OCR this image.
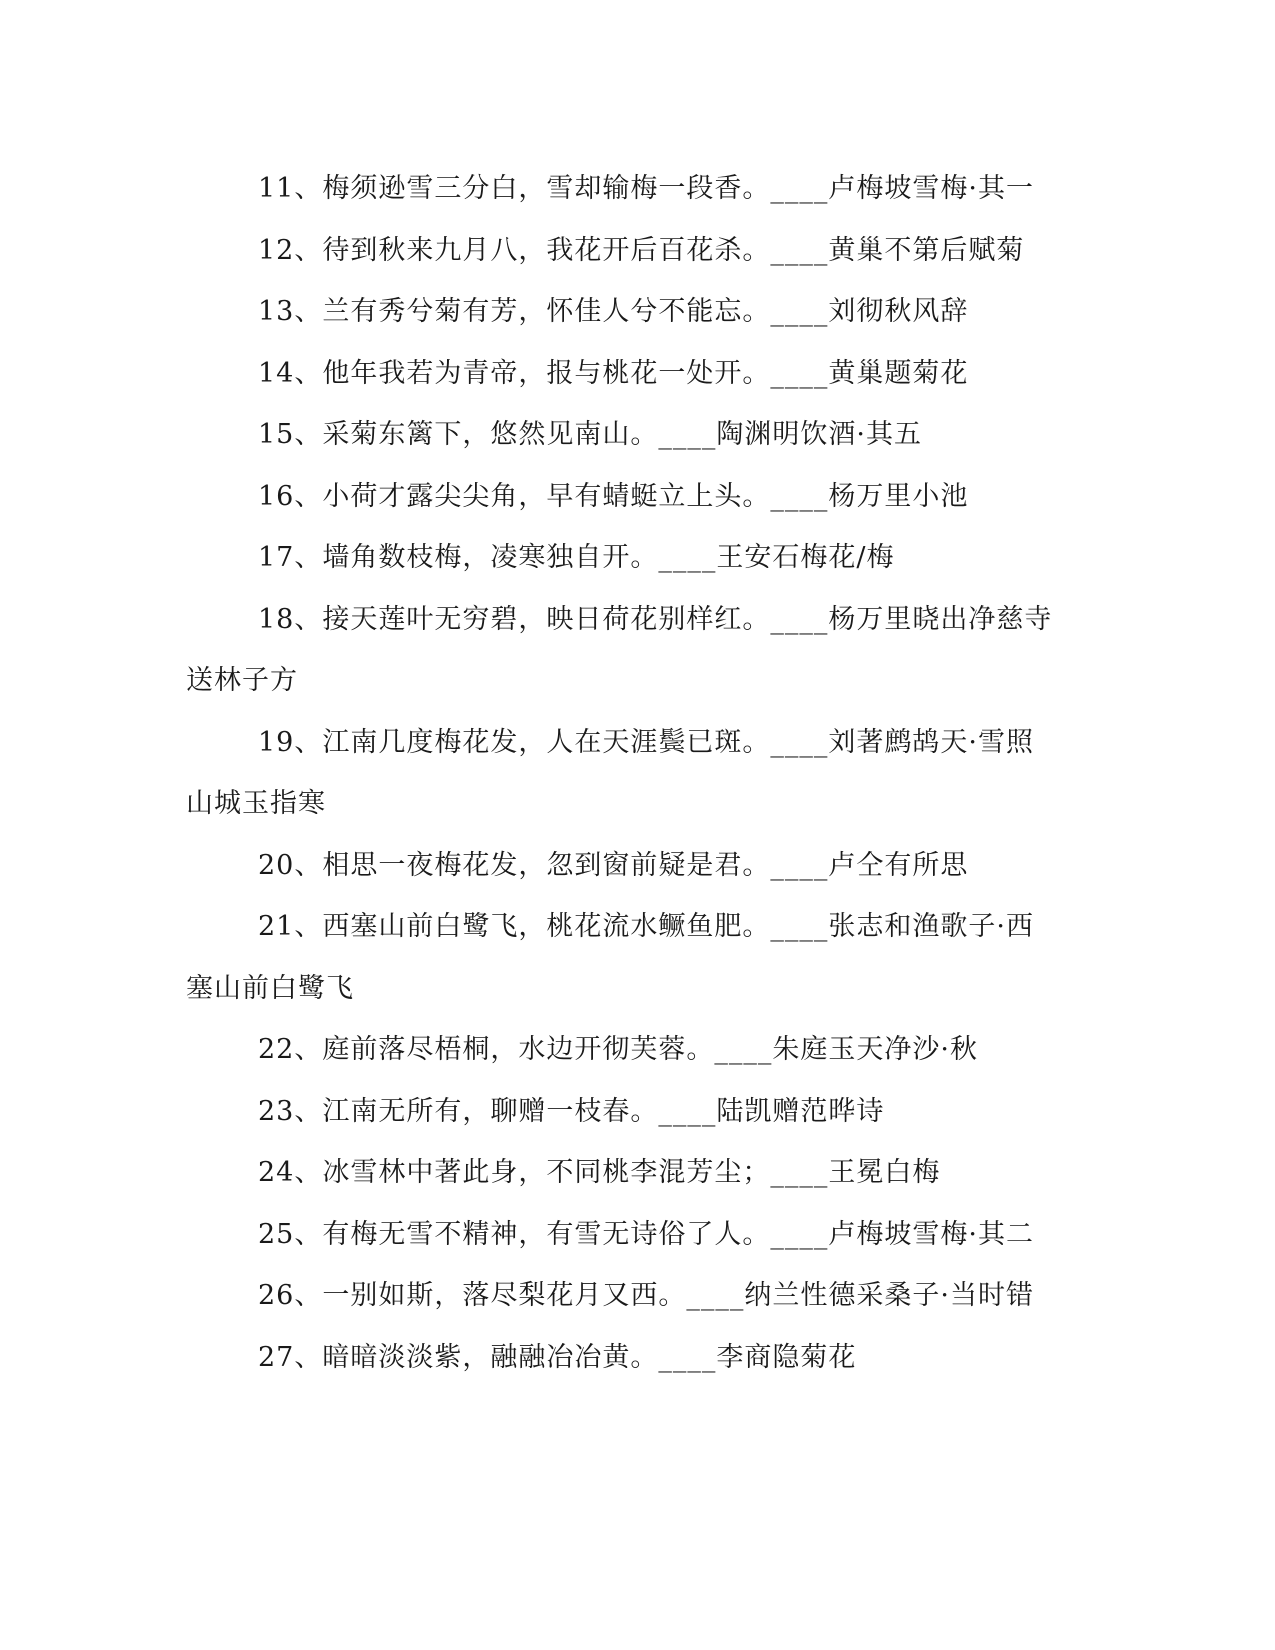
11、梅须逊雪三分白，雪却输梅一段香。____卢梅坡雪梅·其一
12、待到秋来九月八，我花开后百花杀。____黄巢不第后赋菊
13、兰有秀兮菊有芳，怀佳人兮不能忘。____刘彻秋风辞
14、他年我若为青帝，报与桃花一处开。____黄巢题菊花
15、采菊东篱下，悠然见南山。____陶渊明饮酒·其五
16、小荷才露尖尖角，早有蜻蜓立上头。____杨万里小池
17、墙角数枝梅，凌寒独自开。____王安石梅花/梅
18、接天莲叶无穷碧，映日荷花别样红。____杨万里晓出净慈寺
送林子方
19、江南几度梅花发，人在天涯鬓已斑。____刘著鹧鸪天·雪照
山城玉指寒
20、相思一夜梅花发，忽到窗前疑是君。____卢仝有所思
21、西塞山前白鹭飞，桃花流水鳜鱼肥。____张志和渔歌子·西
塞山前白鹭飞
22、庭前落尽梧桐，水边开彻芙蓉。____朱庭玉天净沙·秋
23、江南无所有，聊赠一枝春。____陆凯赠范晔诗
24、冰雪林中著此身，不同桃李混芳尘；____王冕白梅
25、有梅无雪不精神，有雪无诗俗了人。____卢梅坡雪梅·其二
26、一别如斯，落尽梨花月又西。____纳兰性德采桑子·当时错
27、暗暗淡淡紫，融融冶冶黄。____李商隐菊花
